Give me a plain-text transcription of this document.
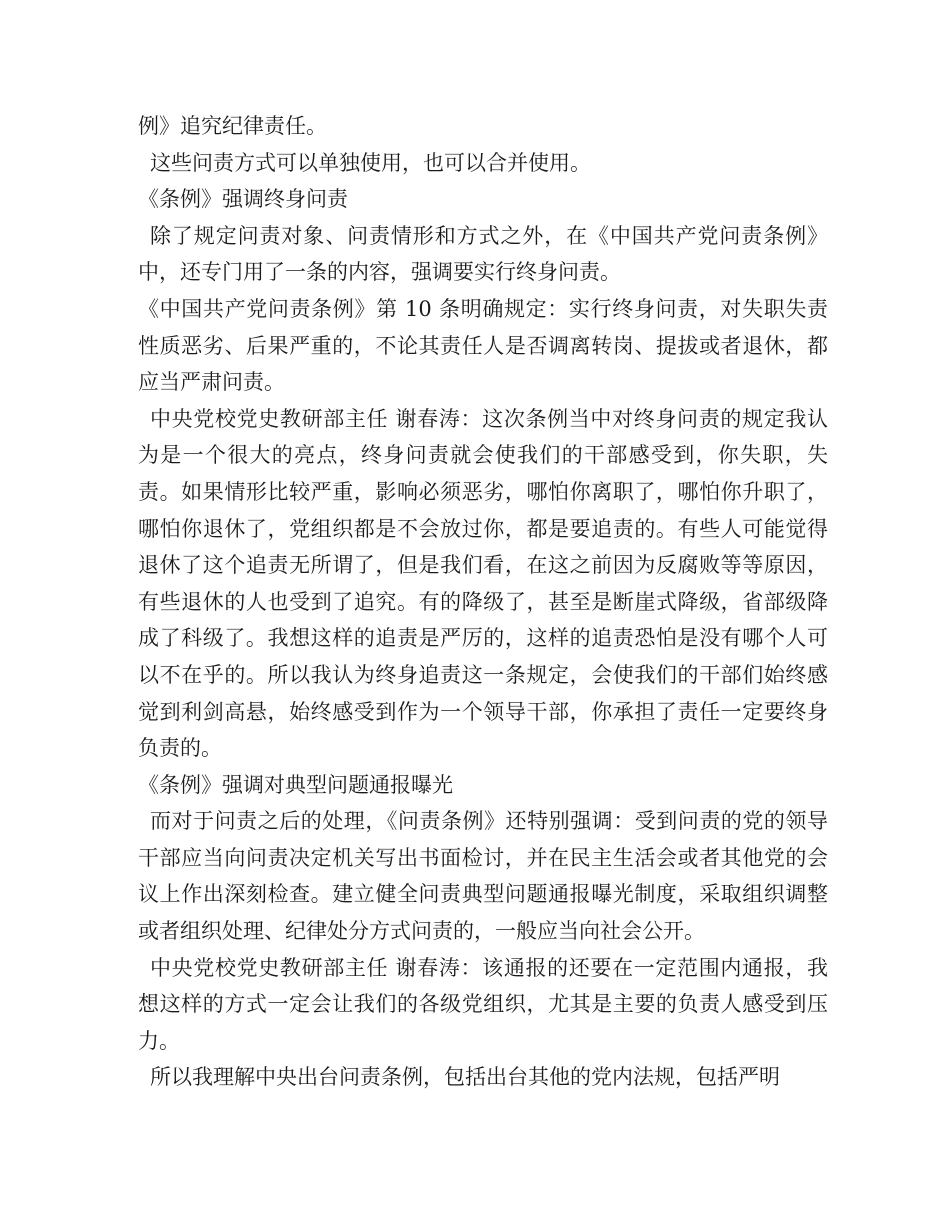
例》追究纪律责任。

这些问责方式可以单独使用，也可以合并使用。

《条例》强调终身问责

除了规定问责对象、问责情形和方式之外，在《中国共产党问责条例》中，还专门用了一条的内容，强调要实行终身问责。

《中国共产党问责条例》第 10 条明确规定：实行终身问责，对失职失责性质恶劣、后果严重的，不论其责任人是否调离转岗、提拔或者退休，都应当严肃问责。

中央党校党史教研部主任 谢春涛：这次条例当中对终身问责的规定我认为是一个很大的亮点，终身问责就会使我们的干部感受到，你失职，失责。如果情形比较严重，影响必须恶劣，哪怕你离职了，哪怕你升职了，哪怕你退休了，党组织都是不会放过你，都是要追责的。有些人可能觉得退休了这个追责无所谓了，但是我们看，在这之前因为反腐败等等原因，有些退休的人也受到了追究。有的降级了，甚至是断崖式降级，省部级降成了科级了。我想这样的追责是严厉的，这样的追责恐怕是没有哪个人可以不在乎的。所以我认为终身追责这一条规定，会使我们的干部们始终感觉到利剑高悬，始终感受到作为一个领导干部，你承担了责任一定要终身负责的。

《条例》强调对典型问题通报曝光

而对于问责之后的处理，《问责条例》还特别强调：受到问责的党的领导干部应当向问责决定机关写出书面检讨，并在民主生活会或者其他党的会议上作出深刻检查。建立健全问责典型问题通报曝光制度，采取组织调整或者组织处理、纪律处分方式问责的，一般应当向社会公开。

中央党校党史教研部主任 谢春涛：该通报的还要在一定范围内通报，我想这样的方式一定会让我们的各级党组织，尤其是主要的负责人感受到压力。

所以我理解中央出台问责条例，包括出台其他的党内法规，包括严明
